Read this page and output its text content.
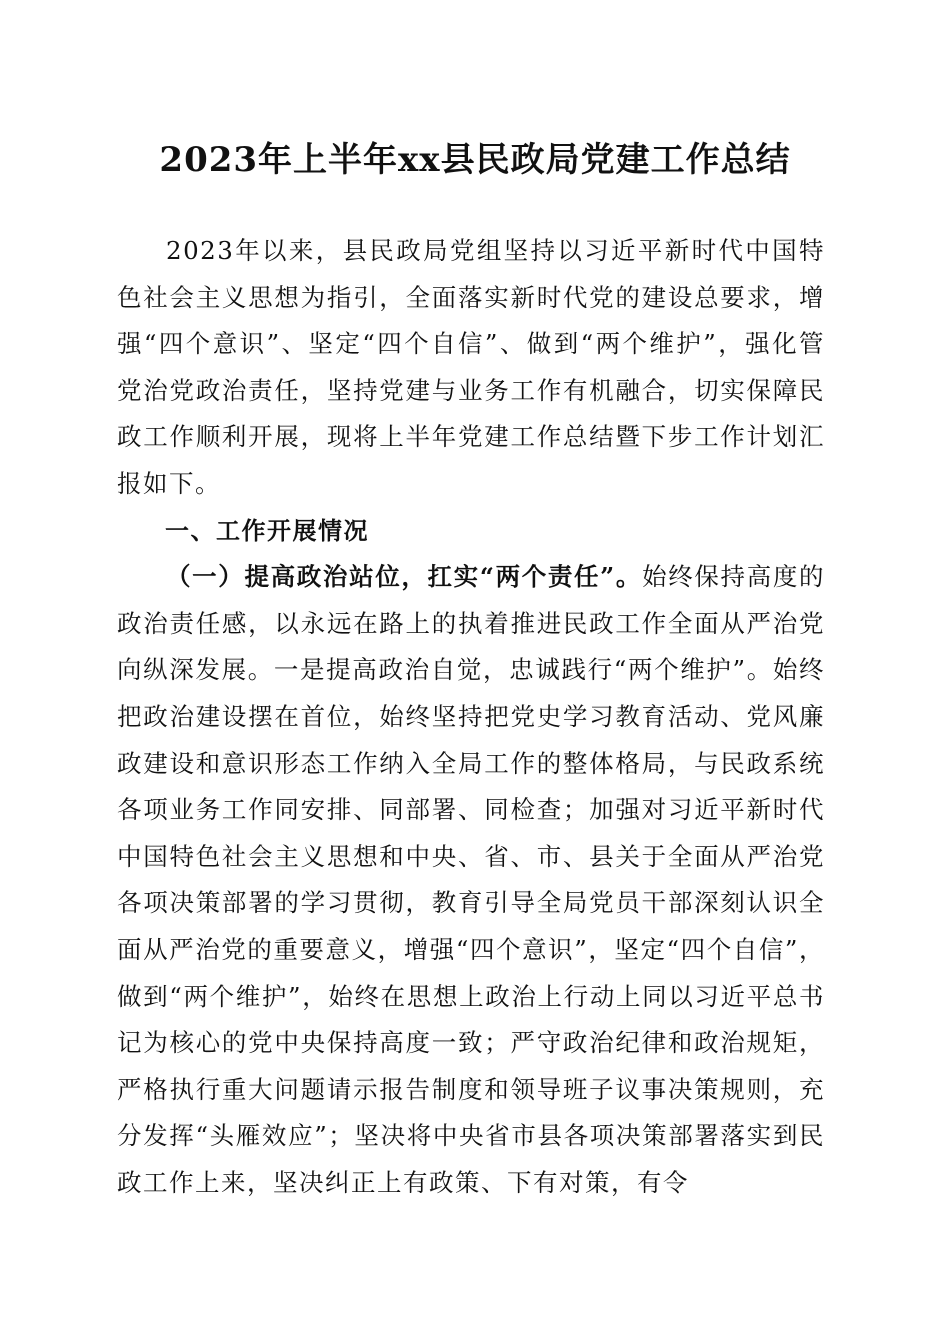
2023年上半年xx县民政局党建工作总结

2023年以来，县民政局党组坚持以习近平新时代中国特色社会主义思想为指引，全面落实新时代党的建设总要求，增强“四个意识”、坚定“四个自信”、做到“两个维护”，强化管党治党政治责任，坚持党建与业务工作有机融合，切实保障民政工作顺利开展，现将上半年党建工作总结暨下步工作计划汇报如下。

一、工作开展情况

（一）提高政治站位，扛实“两个责任”。始终保持高度的政治责任感，以永远在路上的执着推进民政工作全面从严治党向纵深发展。一是提高政治自觉，忠诚践行“两个维护”。始终把政治建设摆在首位，始终坚持把党史学习教育活动、党风廉政建设和意识形态工作纳入全局工作的整体格局，与民政系统各项业务工作同安排、同部署、同检查；加强对习近平新时代中国特色社会主义思想和中央、省、市、县关于全面从严治党各项决策部署的学习贯彻，教育引导全局党员干部深刻认识全面从严治党的重要意义，增强“四个意识”，坚定“四个自信”，做到“两个维护”，始终在思想上政治上行动上同以习近平总书记为核心的党中央保持高度一致；严守政治纪律和政治规矩，严格执行重大问题请示报告制度和领导班子议事决策规则，充分发挥“头雁效应”；坚决将中央省市县各项决策部署落实到民政工作上来，坚决纠正上有政策、下有对策，有令
